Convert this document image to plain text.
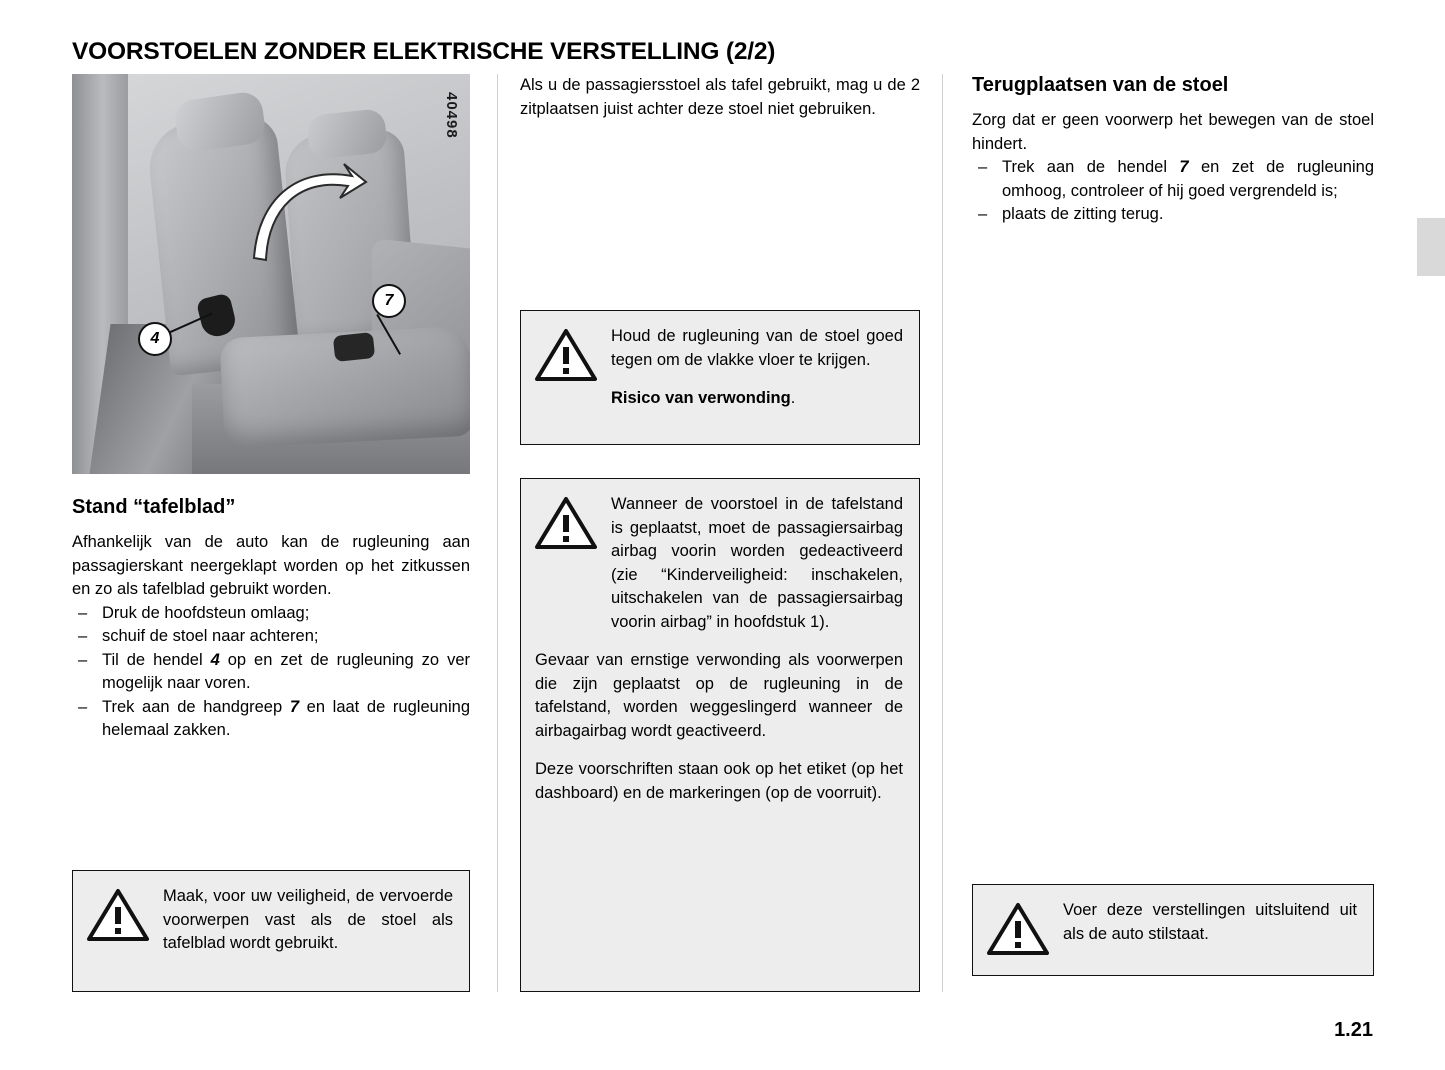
VOORSTOELEN ZONDER ELEKTRISCHE VERSTELLING (2/2)
40498
4
7
Stand “tafelblad”

Afhankelijk van de auto kan de rugleuning aan passagierskant neergeklapt worden op het zitkussen en zo als tafelblad gebruikt worden.

– Druk de hoofdsteun omlaag;
– schuif de stoel naar achteren;
– Til de hendel 4 op en zet de rugleuning zo ver mogelijk naar voren.
– Trek aan de handgreep 7 en laat de rugleuning helemaal zakken.
Maak, voor uw veiligheid, de vervoerde voorwerpen vast als de stoel als tafelblad wordt gebruikt.

Als u de passagiersstoel als tafel gebruikt, mag u de 2 zitplaatsen juist achter deze stoel niet gebruiken.

Houd de rugleuning van de stoel goed tegen om de vlakke vloer te krijgen.

Risico van verwonding.

Wanneer de voorstoel in de tafelstand is geplaatst, moet de passagiersairbag airbag voorin worden gedeactiveerd (zie “Kinderveiligheid: inschakelen, uitschakelen van de passagiersairbag voorin airbag” in hoofdstuk 1).
Gevaar van ernstige verwonding als voorwerpen die zijn geplaatst op de rugleuning in de tafelstand, worden weggeslingerd wanneer de airbagairbag wordt geactiveerd.
Deze voorschriften staan ook op het etiket (op het dashboard) en de markeringen (op de voorruit).
Terugplaatsen van de stoel

Zorg dat er geen voorwerp het bewegen van de stoel hindert.

– Trek aan de hendel 7 en zet de rugleuning omhoog, controleer of hij goed vergrendeld is;
– plaats de zitting terug.
Voer deze verstellingen uitsluitend uit als de auto stilstaat.
1.21
